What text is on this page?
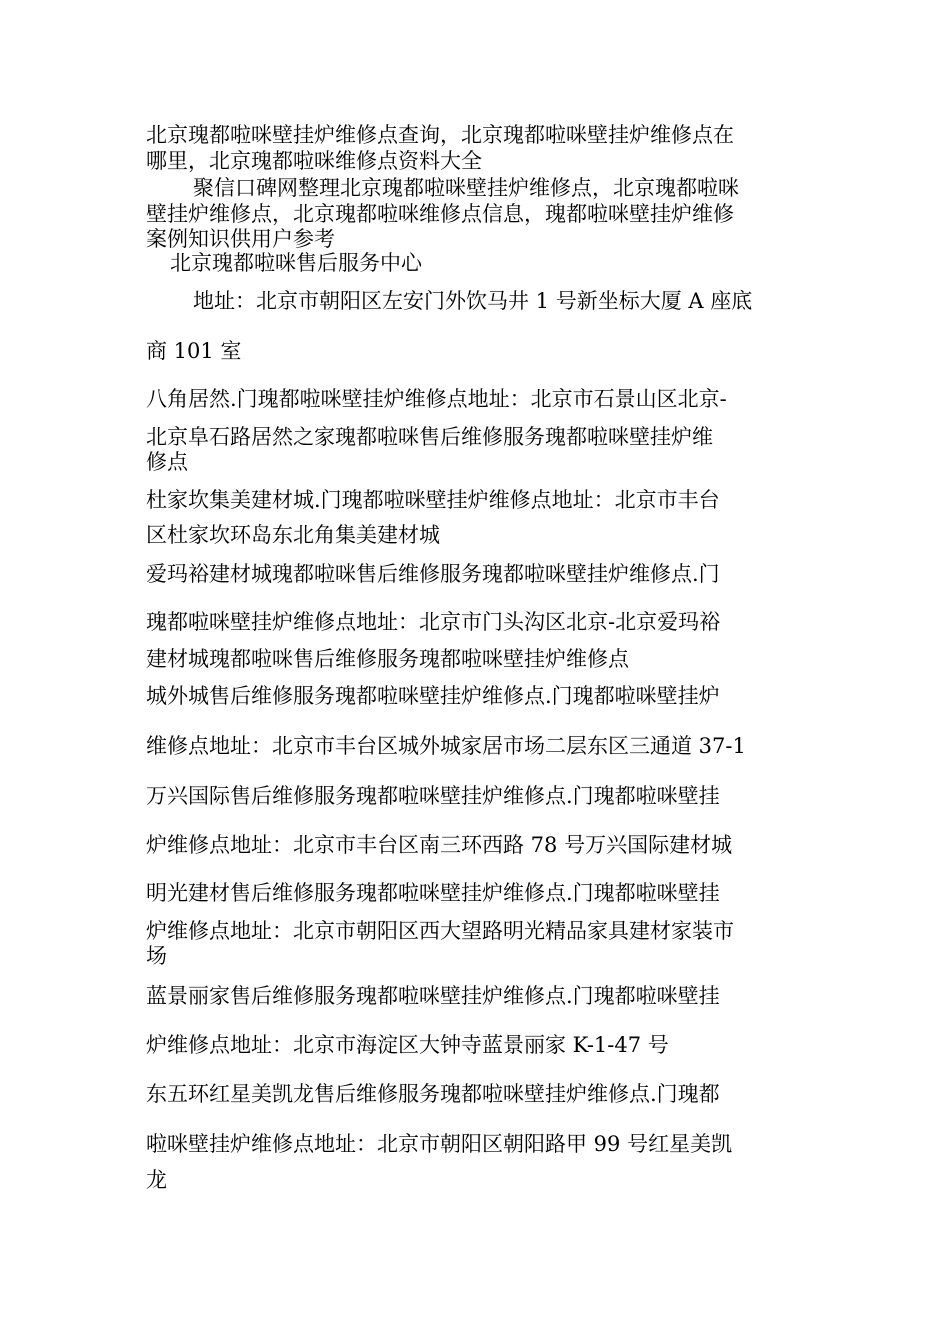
北京瑰都啦咪壁挂炉维修点查询，北京瑰都啦咪壁挂炉维修点在
哪里，北京瑰都啦咪维修点资料大全
聚信口碑网整理北京瑰都啦咪壁挂炉维修点，北京瑰都啦咪
壁挂炉维修点，北京瑰都啦咪维修点信息，瑰都啦咪壁挂炉维修
案例知识供用户参考
北京瑰都啦咪售后服务中心
地址：北京市朝阳区左安门外饮马井 1 号新坐标大厦 A 座底
商 101 室
八角居然.门瑰都啦咪壁挂炉维修点地址：北京市石景山区北京-
北京阜石路居然之家瑰都啦咪售后维修服务瑰都啦咪壁挂炉维
修点
杜家坎集美建材城.门瑰都啦咪壁挂炉维修点地址：北京市丰台
区杜家坎环岛东北角集美建材城
爱玛裕建材城瑰都啦咪售后维修服务瑰都啦咪壁挂炉维修点.门
瑰都啦咪壁挂炉维修点地址：北京市门头沟区北京-北京爱玛裕
建材城瑰都啦咪售后维修服务瑰都啦咪壁挂炉维修点
城外城售后维修服务瑰都啦咪壁挂炉维修点.门瑰都啦咪壁挂炉
维修点地址：北京市丰台区城外城家居市场二层东区三通道 37-1
万兴国际售后维修服务瑰都啦咪壁挂炉维修点.门瑰都啦咪壁挂
炉维修点地址：北京市丰台区南三环西路 78 号万兴国际建材城
明光建材售后维修服务瑰都啦咪壁挂炉维修点.门瑰都啦咪壁挂
炉维修点地址：北京市朝阳区西大望路明光精品家具建材家装市
场
蓝景丽家售后维修服务瑰都啦咪壁挂炉维修点.门瑰都啦咪壁挂
炉维修点地址：北京市海淀区大钟寺蓝景丽家 K-1-47 号
东五环红星美凯龙售后维修服务瑰都啦咪壁挂炉维修点.门瑰都
啦咪壁挂炉维修点地址：北京市朝阳区朝阳路甲 99 号红星美凯
龙
